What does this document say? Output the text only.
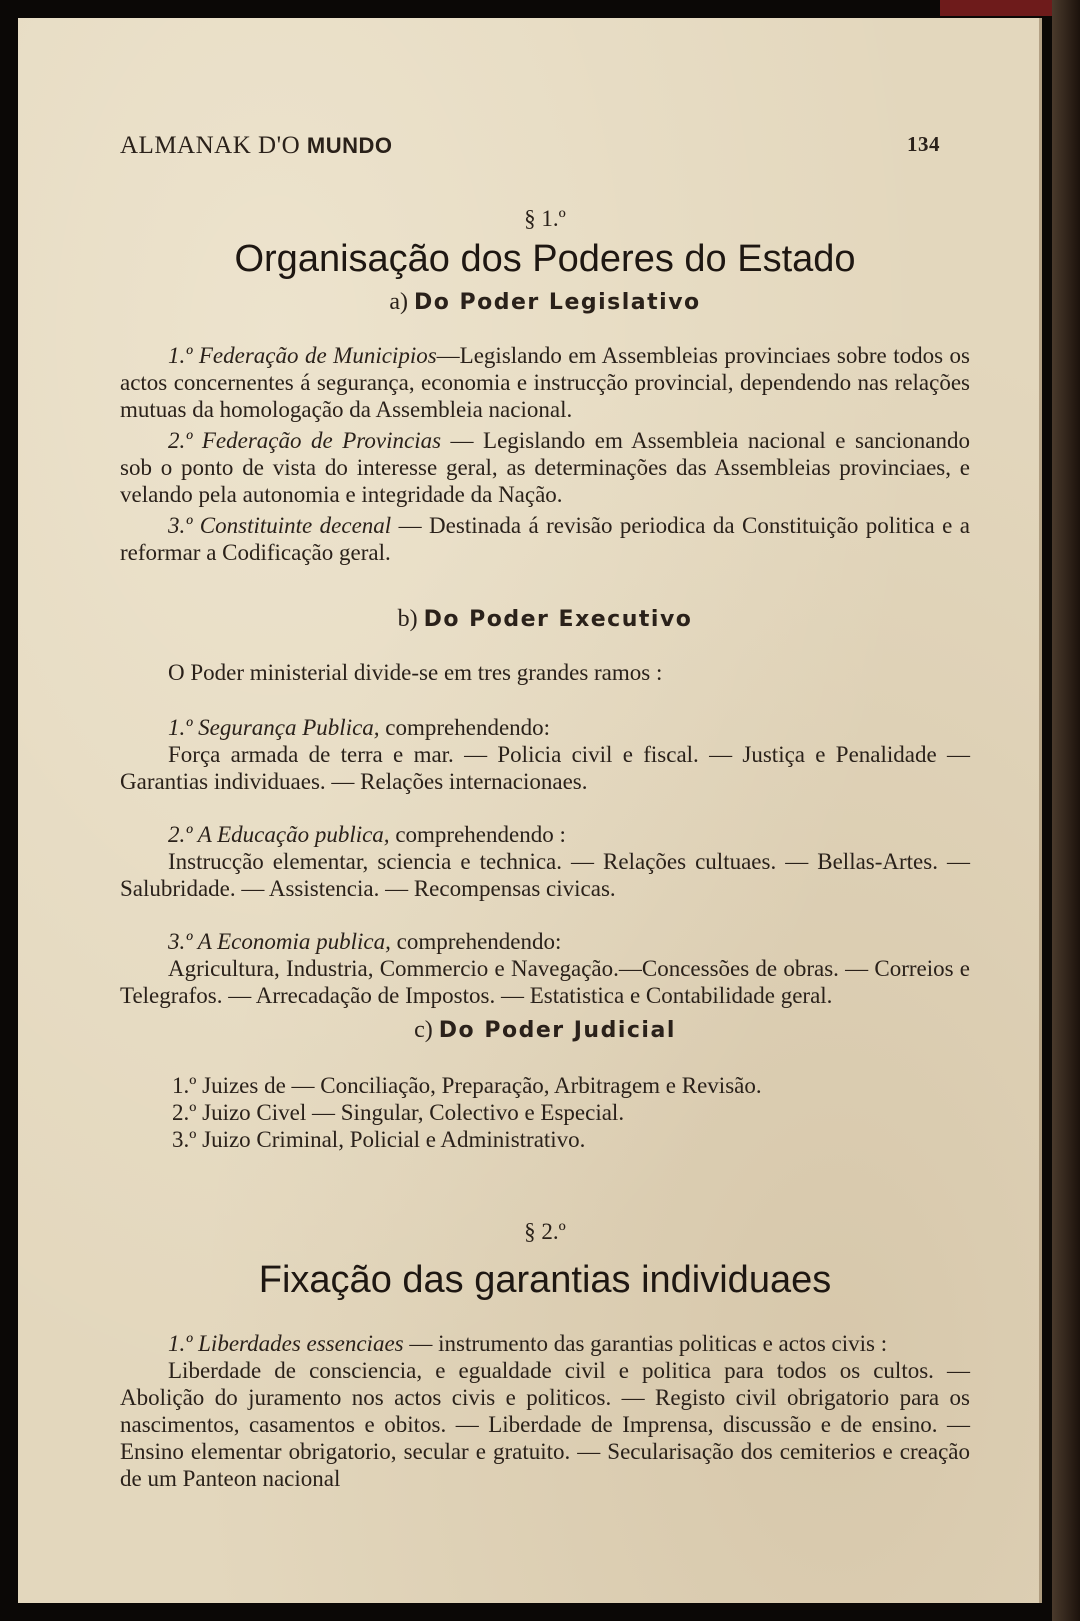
ALMANAK D'O MUNDO	134
§ 1.º
Organisação dos Poderes do Estado
a) Do Poder Legislativo

1.º Federação de Municipios—Legislando em Assembleias provinciaes sobre todos os actos concernentes á segurança, economia e instrucção provincial, dependendo nas relações mutuas da homologação da Assembleia nacional.

2.º Federação de Provincias — Legislando em Assembleia nacional e sancionando sob o ponto de vista do interesse geral, as determinações das Assembleias provinciaes, e velando pela autonomia e integridade da Nação.

3.º Constituinte decenal — Destinada á revisão periodica da Constituição politica e a reformar a Codificação geral.

b) Do Poder Executivo

O Poder ministerial divide-se em tres grandes ramos :

1.º Segurança Publica, comprehendendo:

Força armada de terra e mar. — Policia civil e fiscal. — Justiça e Penalidade — Garantias individuaes. — Relações internacionaes.

2.º A Educação publica, comprehendendo :

Instrucção elementar, sciencia e technica. — Relações cultuaes. — Bellas-Artes. — Salubridade. — Assistencia. — Recompensas civicas.

3.º A Economia publica, comprehendendo:

Agricultura, Industria, Commercio e Navegação.—Concessões de obras. — Correios e Telegrafos. — Arrecadação de Impostos. — Estatistica e Contabilidade geral.

c) Do Poder Judicial
1.º Juizes de — Conciliação, Preparação, Arbitragem e Revisão.
2.º Juizo Civel — Singular, Colectivo e Especial.
3.º Juizo Criminal, Policial e Administrativo.
§ 2.º
Fixação das garantias individuaes

1.º Liberdades essenciaes — instrumento das garantias politicas e actos civis :

Liberdade de consciencia, e egualdade civil e politica para todos os cultos. — Abolição do juramento nos actos civis e politicos. — Registo civil obrigatorio para os nascimentos, casamentos e obitos. — Liberdade de Imprensa, discussão e de ensino. — Ensino elementar obrigatorio, secular e gratuito. — Secularisação dos cemiterios e creação de um Panteon nacional
